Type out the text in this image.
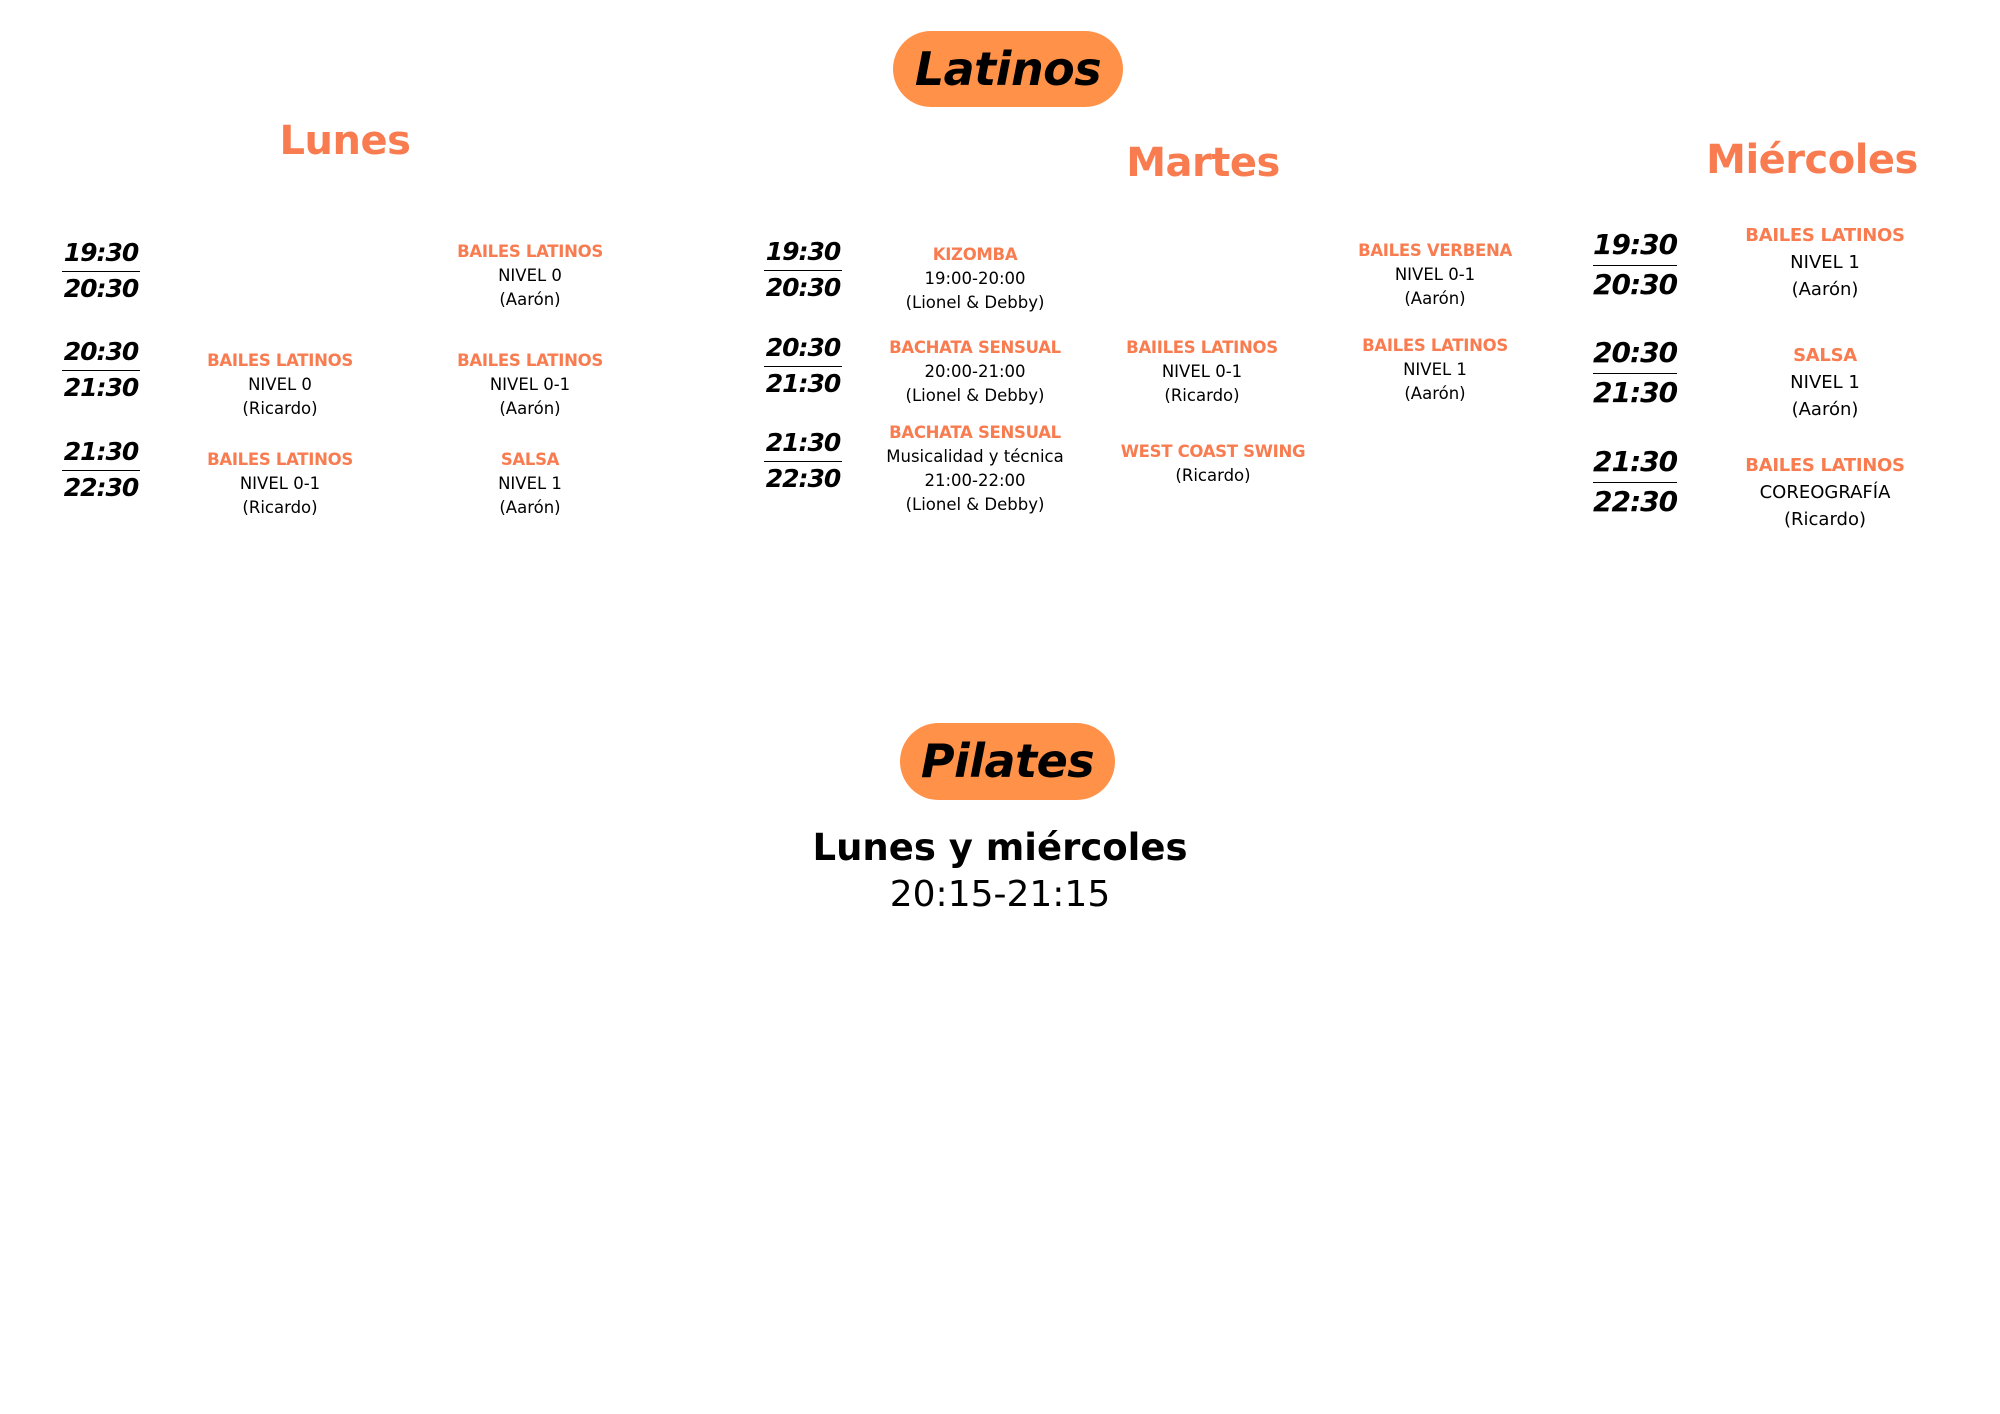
Latinos
Lunes	Martes	Miércoles
19:30
20:30
20:30
21:30
21:30
22:30
BAILES LATINOS
NIVEL 0
(Aarón)
BAILES LATINOS
NIVEL 0
(Ricardo)
BAILES LATINOS
NIVEL 0-1
(Aarón)
BAILES LATINOS
NIVEL 0-1
(Ricardo)
SALSA
NIVEL 1
(Aarón)
19:30
20:30
20:30
21:30
21:30
22:30
KIZOMBA
19:00-20:00
(Lionel & Debby)
BAILES VERBENA
NIVEL 0-1
(Aarón)
BACHATA SENSUAL
20:00-21:00
(Lionel & Debby)
BAIILES LATINOS
NIVEL 0-1
(Ricardo)
BAILES LATINOS
NIVEL 1
(Aarón)
BACHATA SENSUAL
Musicalidad y técnica
21:00-22:00
(Lionel & Debby)
WEST COAST SWING
(Ricardo)
19:30
20:30
20:30
21:30
21:30
22:30
BAILES LATINOS
NIVEL 1
(Aarón)
SALSA
NIVEL 1
(Aarón)
BAILES LATINOS
COREOGRAFÍA
(Ricardo)
Pilates
Lunes y miércoles
20:15-21:15
